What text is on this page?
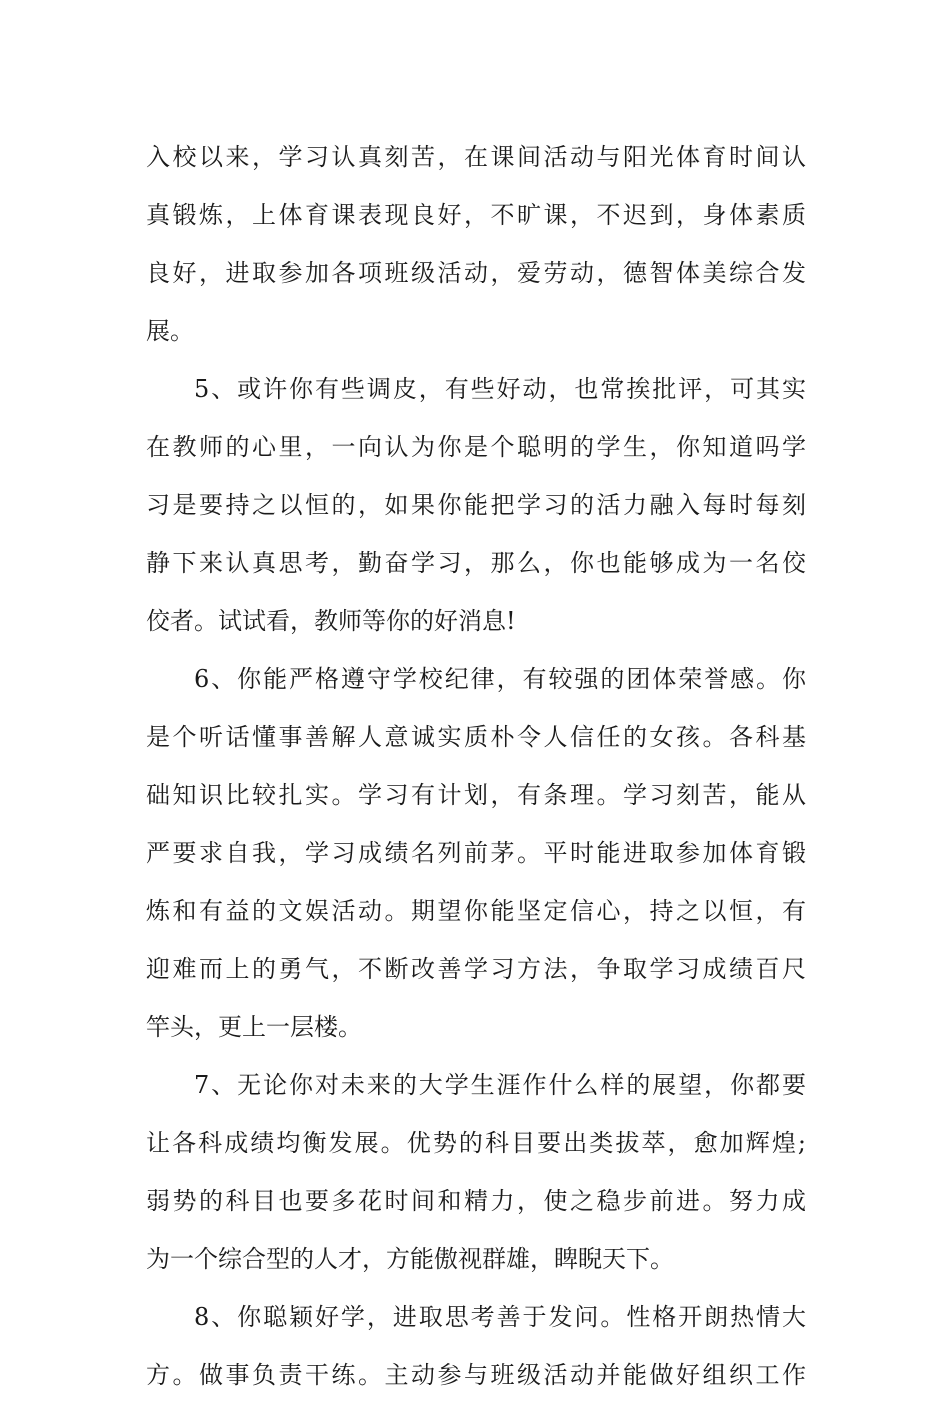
入校以来，学习认真刻苦，在课间活动与阳光体育时间认
真锻炼，上体育课表现良好，不旷课，不迟到，身体素质
良好，进取参加各项班级活动，爱劳动，德智体美综合发
展。
5、或许你有些调皮，有些好动，也常挨批评，可其实
在教师的心里，一向认为你是个聪明的学生，你知道吗学
习是要持之以恒的，如果你能把学习的活力融入每时每刻
静下来认真思考，勤奋学习，那么，你也能够成为一名佼
佼者。试试看，教师等你的好消息!
6、你能严格遵守学校纪律，有较强的团体荣誉感。你
是个听话懂事善解人意诚实质朴令人信任的女孩。各科基
础知识比较扎实。学习有计划，有条理。学习刻苦，能从
严要求自我，学习成绩名列前茅。平时能进取参加体育锻
炼和有益的文娱活动。期望你能坚定信心，持之以恒，有
迎难而上的勇气，不断改善学习方法，争取学习成绩百尺
竿头，更上一层楼。
7、无论你对未来的大学生涯作什么样的展望，你都要
让各科成绩均衡发展。优势的科目要出类拔萃，愈加辉煌;
弱势的科目也要多花时间和精力，使之稳步前进。努力成
为一个综合型的人才，方能傲视群雄，睥睨天下。
8、你聪颖好学，进取思考善于发问。性格开朗热情大
方。做事负责干练。主动参与班级活动并能做好组织工作
